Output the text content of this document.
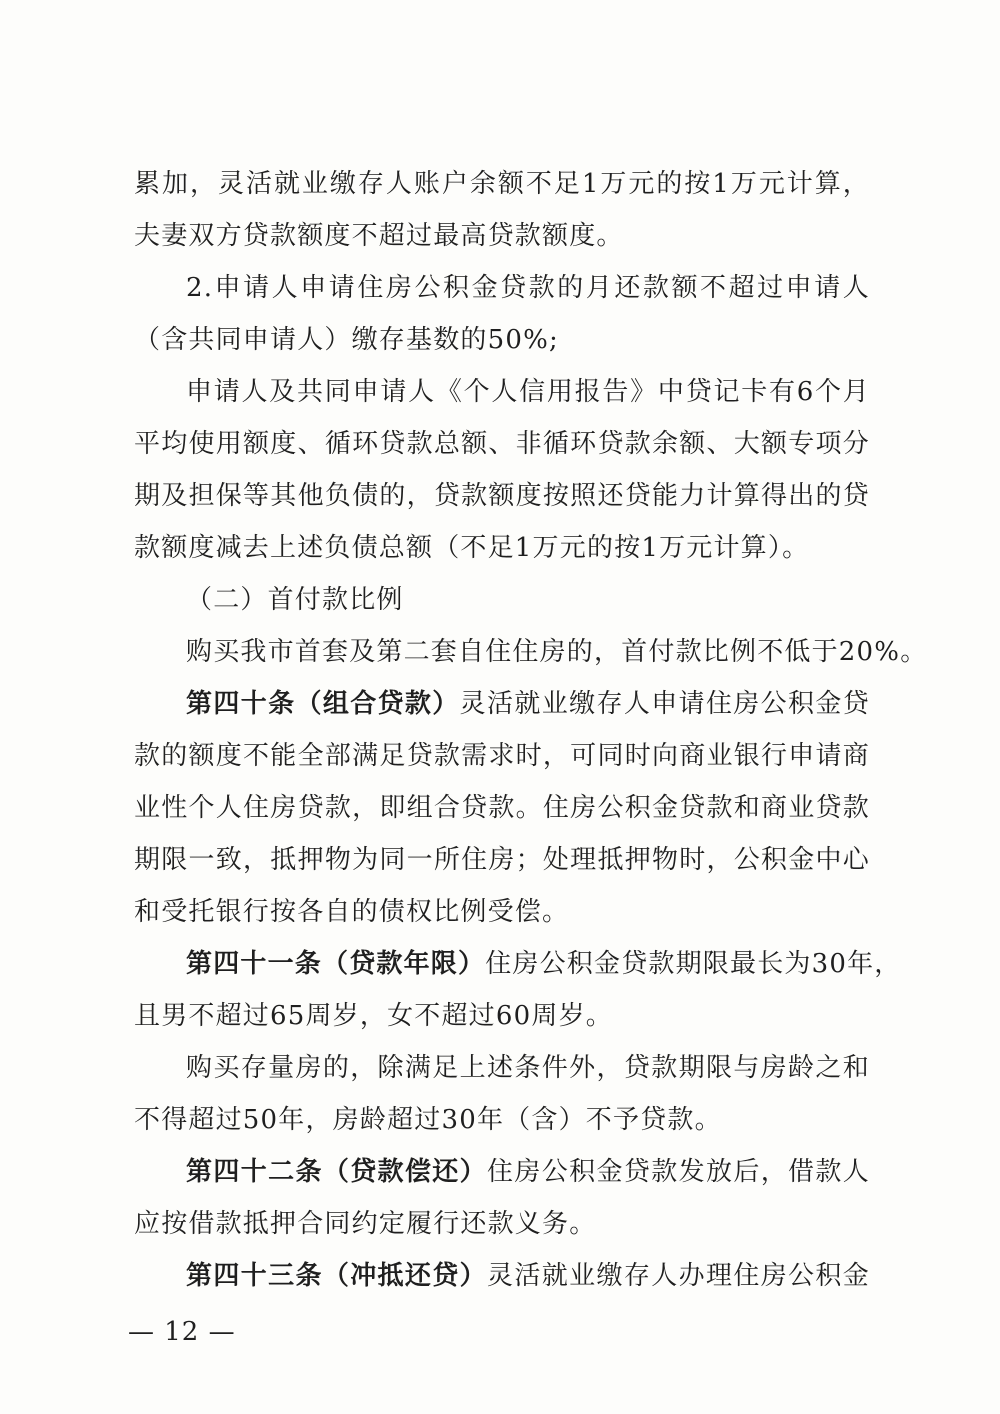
累加，灵活就业缴存人账户余额不足1万元的按1万元计算，
夫妻双方贷款额度不超过最高贷款额度。
2.申请人申请住房公积金贷款的月还款额不超过申请人
（含共同申请人）缴存基数的50%;
申请人及共同申请人《个人信用报告》中贷记卡有6个月
平均使用额度、循环贷款总额、非循环贷款余额、大额专项分
期及担保等其他负债的，贷款额度按照还贷能力计算得出的贷
款额度减去上述负债总额（不足1万元的按1万元计算）。
（二）首付款比例
购买我市首套及第二套自住住房的，首付款比例不低于20%。
第四十条（组合贷款）灵活就业缴存人申请住房公积金贷
款的额度不能全部满足贷款需求时，可同时向商业银行申请商
业性个人住房贷款，即组合贷款。住房公积金贷款和商业贷款
期限一致，抵押物为同一所住房；处理抵押物时，公积金中心
和受托银行按各自的债权比例受偿。
第四十一条（贷款年限）住房公积金贷款期限最长为30年，
且男不超过65周岁，女不超过60周岁。
购买存量房的，除满足上述条件外，贷款期限与房龄之和
不得超过50年，房龄超过30年（含）不予贷款。
第四十二条（贷款偿还）住房公积金贷款发放后，借款人
应按借款抵押合同约定履行还款义务。
第四十三条（冲抵还贷）灵活就业缴存人办理住房公积金
— 12 —
